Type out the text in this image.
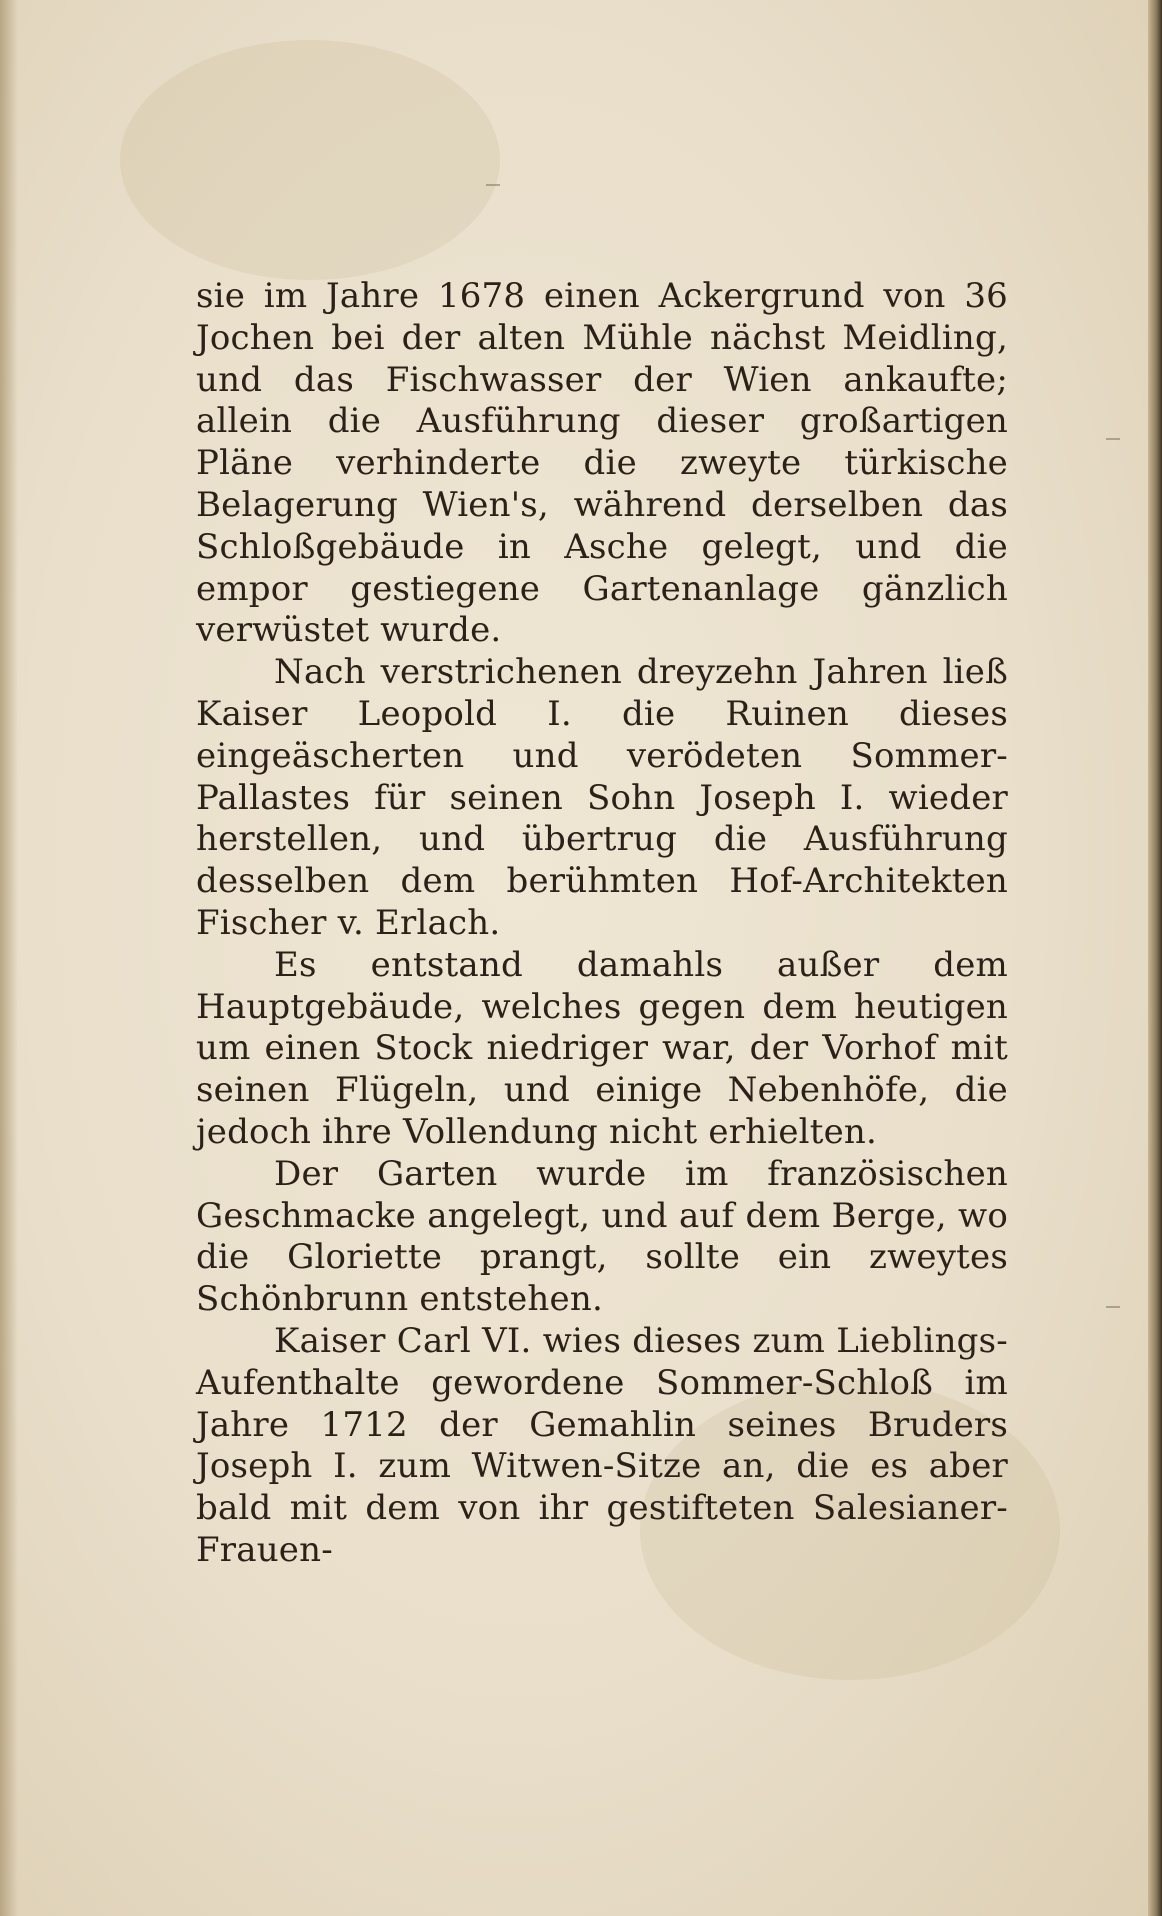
sie im Jahre 1678 einen Ackergrund von 36 Jochen bei der alten Mühle nächst Meidling, und das Fischwasser der Wien ankaufte; allein die Ausführung dieser großartigen Pläne verhinderte die zweyte türkische Belagerung Wien's, während derselben das Schloßgebäude in Asche gelegt, und die empor gestiegene Gartenanlage gänzlich verwüstet wurde.

Nach verstrichenen dreyzehn Jahren ließ Kaiser Leopold I. die Ruinen dieses eingeäscherten und verödeten Sommer-Pallastes für seinen Sohn Joseph I. wieder herstellen, und übertrug die Ausführung desselben dem berühmten Hof-Architekten Fischer v. Erlach.

Es entstand damahls außer dem Hauptgebäude, welches gegen dem heutigen um einen Stock niedriger war, der Vorhof mit seinen Flügeln, und einige Nebenhöfe, die jedoch ihre Vollendung nicht erhielten.

Der Garten wurde im französischen Geschmacke angelegt, und auf dem Berge, wo die Gloriette prangt, sollte ein zweytes Schönbrunn entstehen.

Kaiser Carl VI. wies dieses zum Lieblings-Aufenthalte gewordene Sommer-Schloß im Jahre 1712 der Gemahlin seines Bruders Joseph I. zum Witwen-Sitze an, die es aber bald mit dem von ihr gestifteten Salesianer-Frauen-
